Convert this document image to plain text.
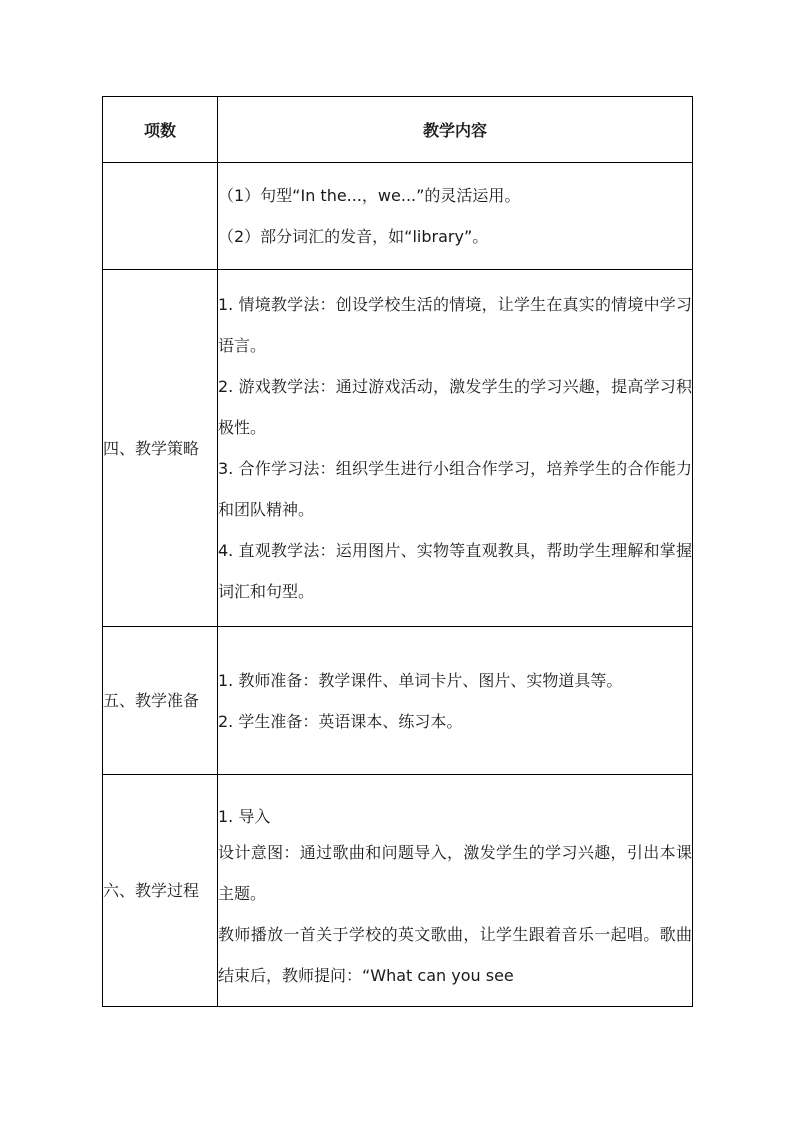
项数	教学内容

	（1）句型“In the...，we...”的灵活运用。

（2）部分词汇的发音，如“library”。

四、教学策略	1. 情境教学法：创设学校生活的情境，让学生在真实的情境中学习语言。

2. 游戏教学法：通过游戏活动，激发学生的学习兴趣，提高学习积极性。

3. 合作学习法：组织学生进行小组合作学习，培养学生的合作能力和团队精神。

4. 直观教学法：运用图片、实物等直观教具，帮助学生理解和掌握词汇和句型。

五、教学准备	1. 教师准备：教学课件、单词卡片、图片、实物道具等。

2. 学生准备：英语课本、练习本。

六、教学过程	1. 导入

设计意图：通过歌曲和问题导入，激发学生的学习兴趣，引出本课主题。

教师播放一首关于学校的英文歌曲，让学生跟着音乐一起唱。歌曲结束后，教师提问：“What can you see
